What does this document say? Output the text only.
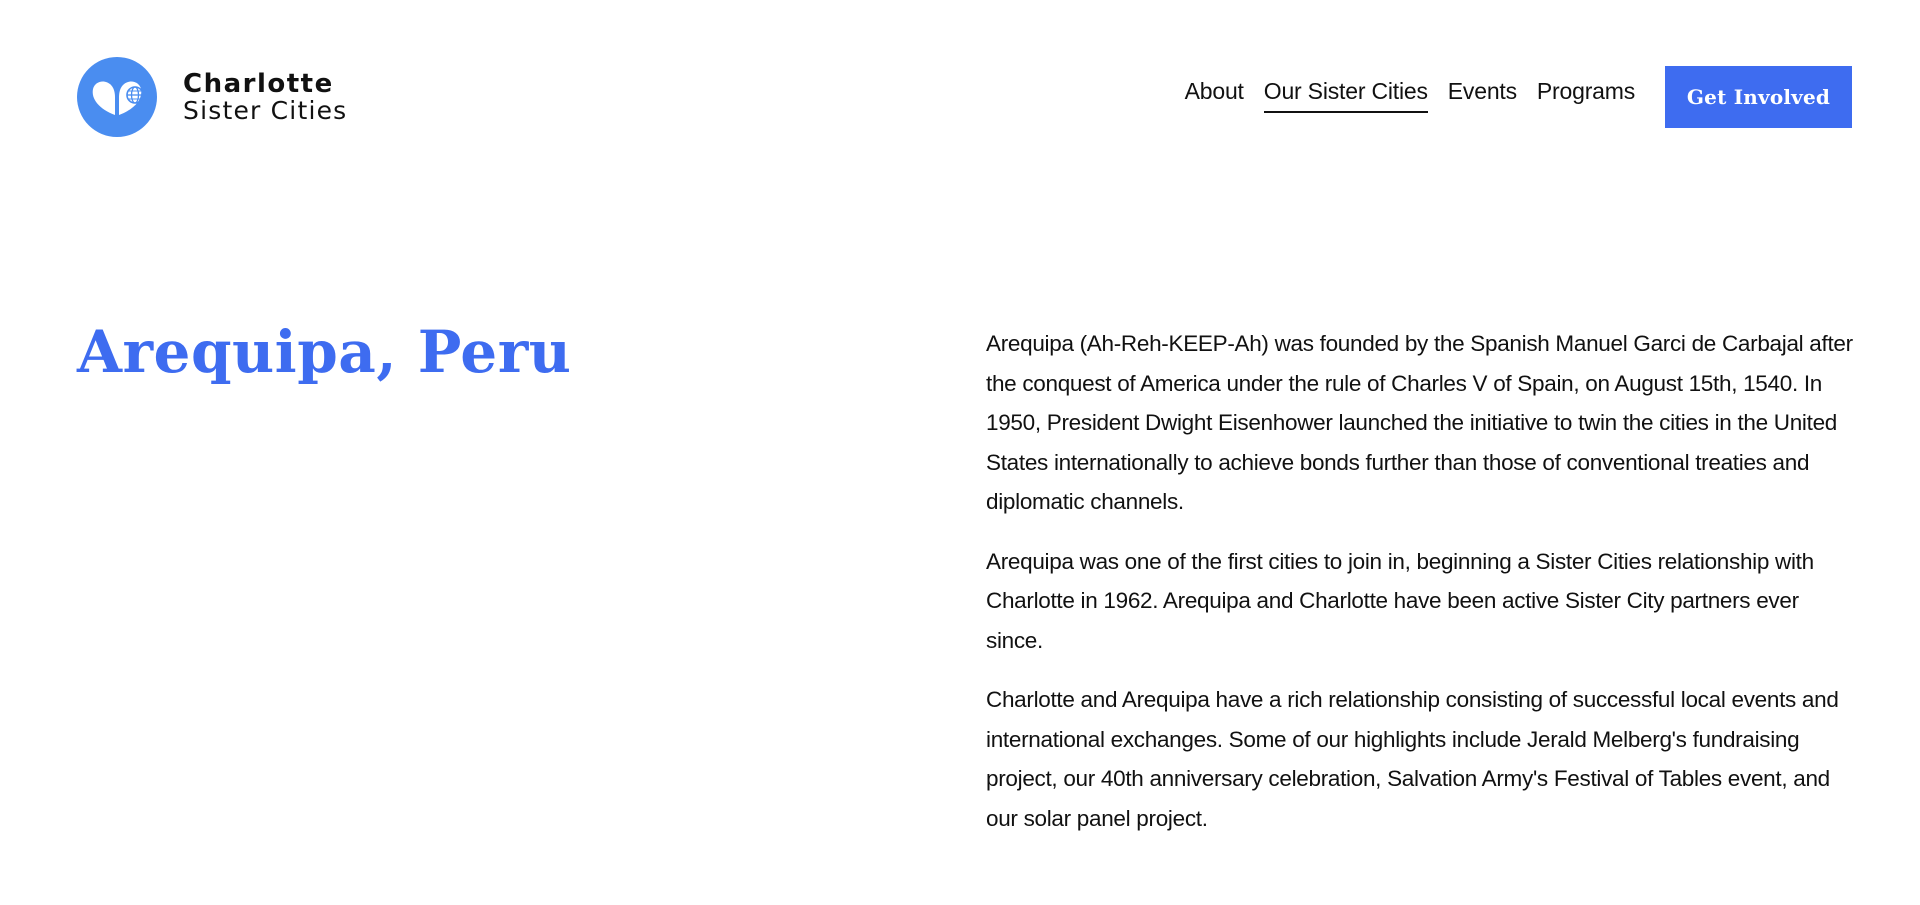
Charlotte
Sister Cities
About Our Sister Cities Events Programs	Get Involved
Arequipa, Peru	Arequipa (Ah-Reh-KEEP-Ah) was founded by the Spanish Manuel Garci de Carbajal after the conquest of America under the rule of Charles V of Spain, on August 15th, 1540. In 1950, President Dwight Eisenhower launched the initiative to twin the cities in the United States internationally to achieve bonds further than those of conventional treaties and diplomatic channels.

Arequipa was one of the first cities to join in, beginning a Sister Cities relationship with Charlotte in 1962. Arequipa and Charlotte have been active Sister City partners ever since.

Charlotte and Arequipa have a rich relationship consisting of successful local events and international exchanges. Some of our highlights include Jerald Melberg's fundraising project, our 40th anniversary celebration, Salvation Army's Festival of Tables event, and our solar panel project.
